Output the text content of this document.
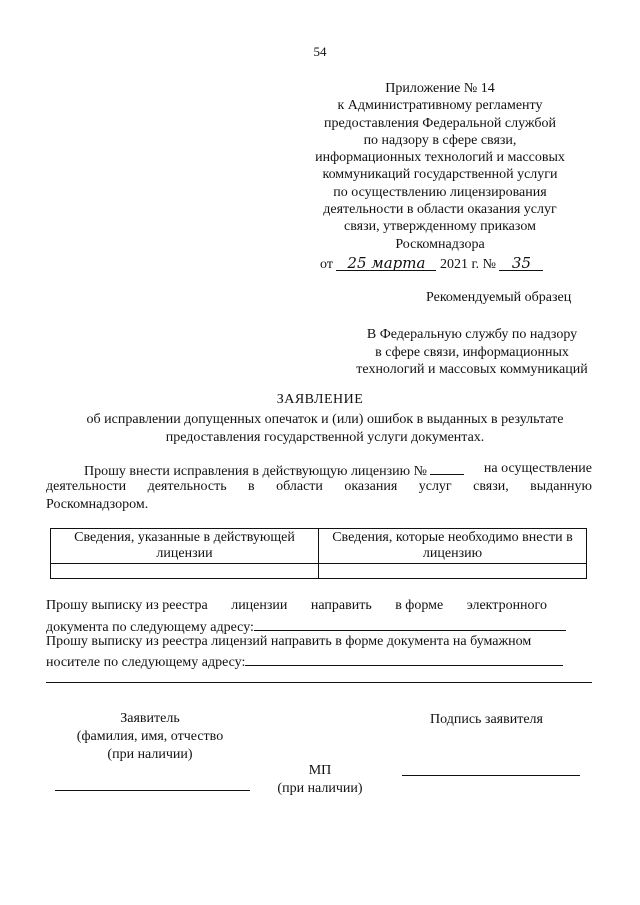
54
Приложение № 14
к Административному регламенту
предоставления Федеральной службой
по надзору в сфере связи,
информационных технологий и массовых
коммуникаций государственной услуги
по осуществлению лицензирования
деятельности в области оказания услуг
связи, утвержденному приказом
Роскомнадзора
от 25 марта 2021 г. № 35
Рекомендуемый образец
В Федеральную службу по надзору
в сфере связи, информационных
технологий и массовых коммуникаций
ЗАЯВЛЕНИЕ
об исправлении допущенных опечаток и (или) ошибок в выданных в результате
предоставления государственной услуги документах.
Прошу внести исправления в действующую лицензию №	на осуществление
деятельности деятельность в области оказания услуг связи, выданную
Роскомнадзором.
Сведения, указанные в действующей лицензии	Сведения, которые необходимо внести в лицензию

Прошу выписку из реестра лицензии направить в форме электронного
документа по следующему адресу:
Прошу выписку из реестра лицензий направить в форме документа на бумажном
носителе по следующему адресу:
Заявитель
(фамилия, имя, отчество
(при наличии)
Подпись заявителя
МП
(при наличии)
